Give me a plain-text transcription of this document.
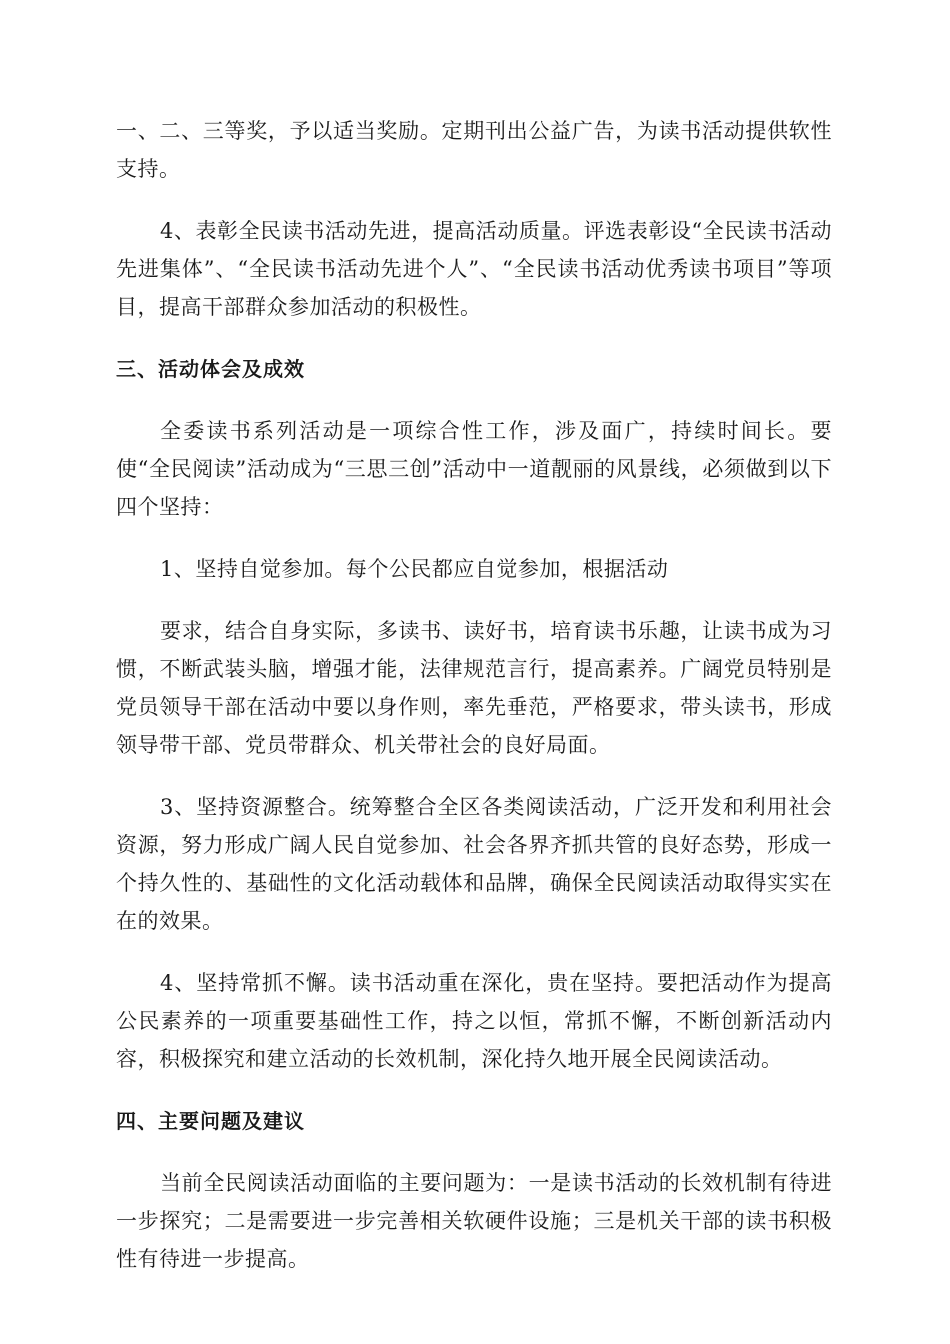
一、二、三等奖，予以适当奖励。定期刊出公益广告，为读书活动提供软性支持。

4、表彰全民读书活动先进，提高活动质量。评选表彰设“全民读书活动先进集体”、“全民读书活动先进个人”、“全民读书活动优秀读书项目”等项目，提高干部群众参加活动的积极性。

三、活动体会及成效

全委读书系列活动是一项综合性工作，涉及面广，持续时间长。要使“全民阅读”活动成为“三思三创”活动中一道靓丽的风景线，必须做到以下四个坚持：

1、坚持自觉参加。每个公民都应自觉参加，根据活动

要求，结合自身实际，多读书、读好书，培育读书乐趣，让读书成为习惯，不断武装头脑，增强才能，法律规范言行，提高素养。广阔党员特别是党员领导干部在活动中要以身作则，率先垂范，严格要求，带头读书，形成领导带干部、党员带群众、机关带社会的良好局面。

3、坚持资源整合。统筹整合全区各类阅读活动，广泛开发和利用社会资源，努力形成广阔人民自觉参加、社会各界齐抓共管的良好态势，形成一个持久性的、基础性的文化活动载体和品牌，确保全民阅读活动取得实实在在的效果。

4、坚持常抓不懈。读书活动重在深化，贵在坚持。要把活动作为提高公民素养的一项重要基础性工作，持之以恒，常抓不懈，不断创新活动内容，积极探究和建立活动的长效机制，深化持久地开展全民阅读活动。

四、主要问题及建议

当前全民阅读活动面临的主要问题为：一是读书活动的长效机制有待进一步探究；二是需要进一步完善相关软硬件设施；三是机关干部的读书积极性有待进一步提高。
